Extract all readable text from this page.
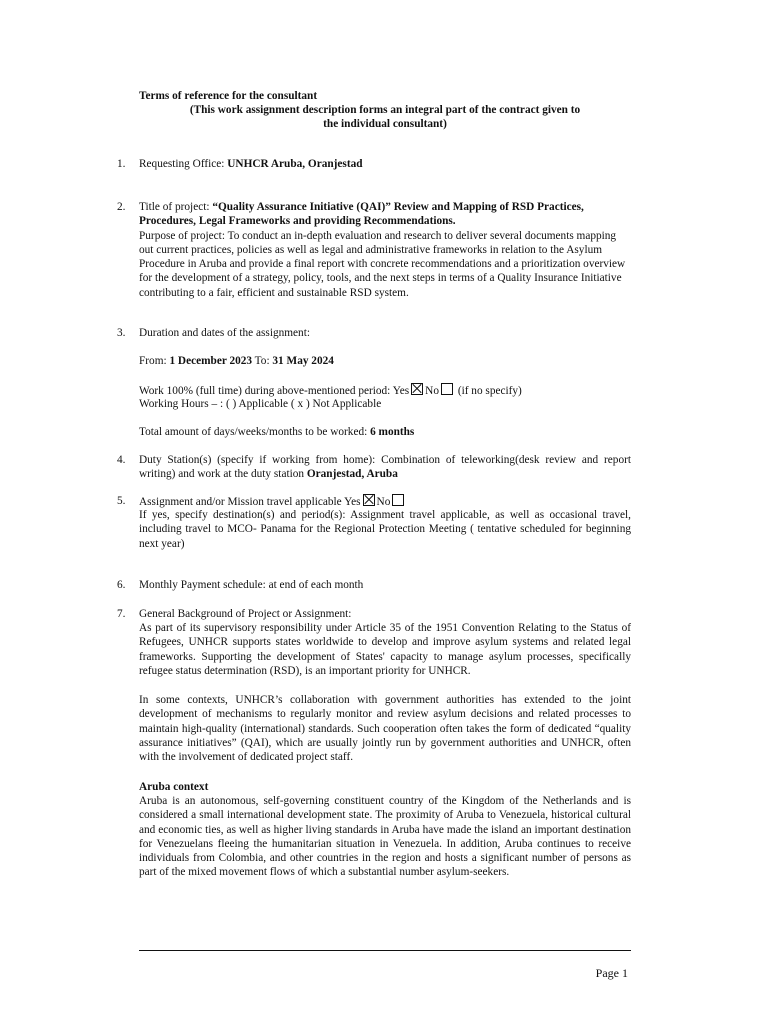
Terms of reference for the consultant
(This work assignment description forms an integral part of the contract given to
the individual consultant)
1. Requesting Office: UNHCR Aruba, Oranjestad
2. Title of project: “Quality Assurance Initiative (QAI)” Review and Mapping of RSD Practices, Procedures, Legal Frameworks and providing Recommendations.
Purpose of project: To conduct an in-depth evaluation and research to deliver several documents mapping out current practices, policies as well as legal and administrative frameworks in relation to the Asylum Procedure in Aruba and provide a final report with concrete recommendations and a prioritization overview for the development of a strategy, policy, tools, and the next steps in terms of a Quality Insurance Initiative contributing to a fair, efficient and sustainable RSD system.
3. Duration and dates of the assignment:
From: 1 December 2023 To: 31 May 2024
Work 100% (full time) during above-mentioned period: Yes No (if no specify)
Working Hours – : ( ) Applicable ( x ) Not Applicable
Total amount of days/weeks/months to be worked: 6 months
4. Duty Station(s) (specify if working from home): Combination of teleworking(desk review and report writing) and work at the duty station Oranjestad, Aruba
5. Assignment and/or Mission travel applicable Yes No
If yes, specify destination(s) and period(s): Assignment travel applicable, as well as occasional travel, including travel to MCO- Panama for the Regional Protection Meeting ( tentative scheduled for beginning next year)
6. Monthly Payment schedule: at end of each month
7. General Background of Project or Assignment:
As part of its supervisory responsibility under Article 35 of the 1951 Convention Relating to the Status of Refugees, UNHCR supports states worldwide to develop and improve asylum systems and related legal frameworks. Supporting the development of States' capacity to manage asylum processes, specifically refugee status determination (RSD), is an important priority for UNHCR.
In some contexts, UNHCR’s collaboration with government authorities has extended to the joint development of mechanisms to regularly monitor and review asylum decisions and related processes to maintain high-quality (international) standards. Such cooperation often takes the form of dedicated “quality assurance initiatives” (QAI), which are usually jointly run by government authorities and UNHCR, often with the involvement of dedicated project staff.
Aruba context
Aruba is an autonomous, self-governing constituent country of the Kingdom of the Netherlands and is considered a small international development state. The proximity of Aruba to Venezuela, historical cultural and economic ties, as well as higher living standards in Aruba have made the island an important destination for Venezuelans fleeing the humanitarian situation in Venezuela. In addition, Aruba continues to receive individuals from Colombia, and other countries in the region and hosts a significant number of persons as part of the mixed movement flows of which a substantial number asylum-seekers.
Page 1
